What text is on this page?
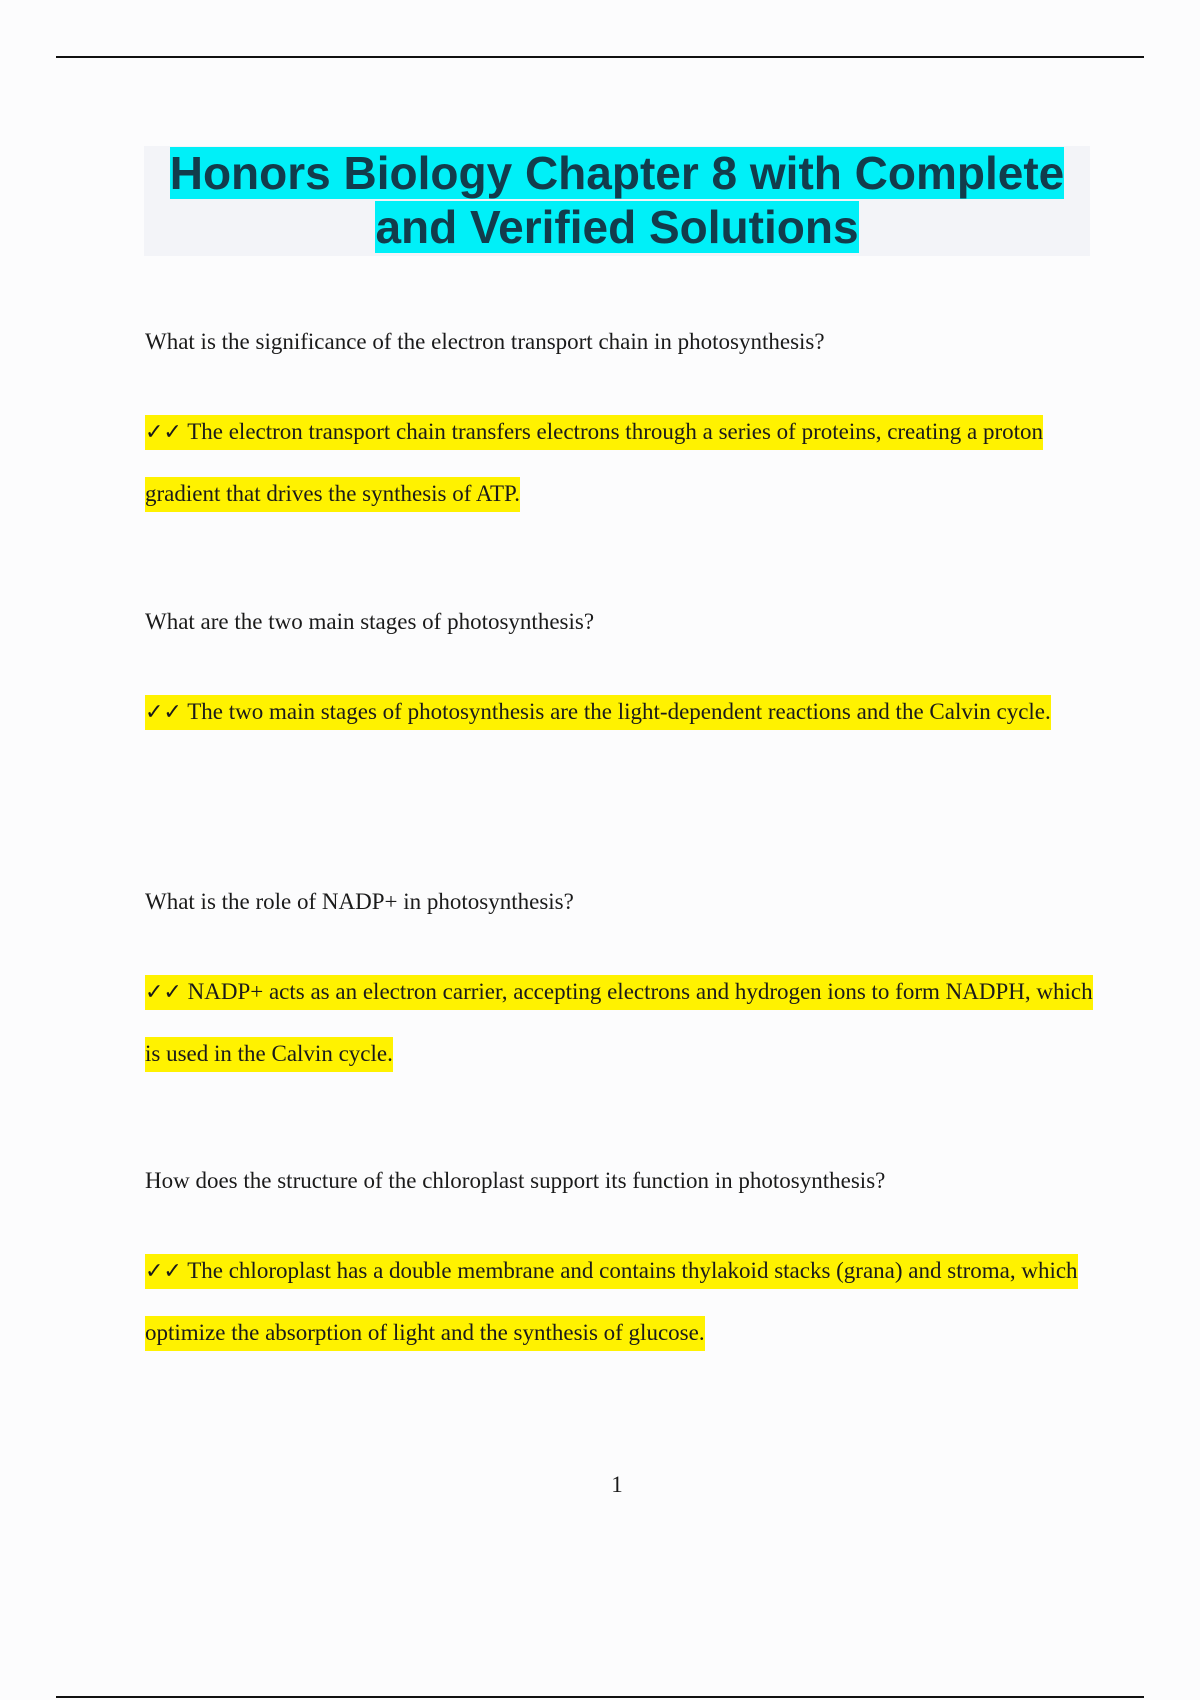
Honors Biology Chapter 8 with Complete
and Verified Solutions

What is the significance of the electron transport chain in photosynthesis?

✓✓ The electron transport chain transfers electrons through a series of proteins, creating a proton gradient that drives the synthesis of ATP.

What are the two main stages of photosynthesis?

✓✓ The two main stages of photosynthesis are the light-dependent reactions and the Calvin cycle.

What is the role of NADP+ in photosynthesis?

✓✓ NADP+ acts as an electron carrier, accepting electrons and hydrogen ions to form NADPH, which is used in the Calvin cycle.

How does the structure of the chloroplast support its function in photosynthesis?

✓✓ The chloroplast has a double membrane and contains thylakoid stacks (grana) and stroma, which optimize the absorption of light and the synthesis of glucose.

1
